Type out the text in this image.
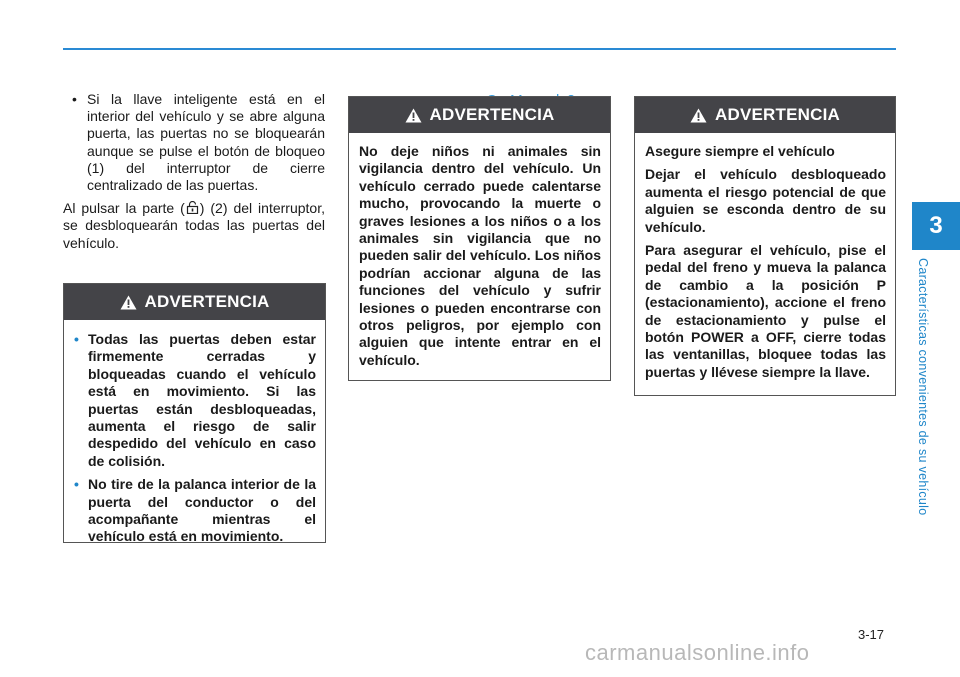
3
Características convenientes de su vehículo

• Si la llave inteligente está en el interior del vehículo y se abre alguna puerta, las puertas no se bloquearán aunque se pulse el botón de bloqueo (1) del interruptor de cierre centralizado de las puertas.

Al pulsar la parte ( ) (2) del interruptor, se desbloquearán todas las puertas del vehículo.

ADVERTENCIA

• Todas las puertas deben estar firmemente cerradas y bloqueadas cuando el vehículo está en movimiento. Si las puertas están desbloqueadas, aumenta el riesgo de salir despedido del vehículo en caso de colisión.

• No tire de la palanca interior de la puerta del conductor o del acompañante mientras el vehículo está en movimiento.

ADVERTENCIA

No deje niños ni animales sin vigilancia dentro del vehículo. Un vehículo cerrado puede calentarse mucho, provocando la muerte o graves lesiones a los niños o a los animales sin vigilancia que no pueden salir del vehículo. Los niños podrían accionar alguna de las funciones del vehículo y sufrir lesiones o pueden encontrarse con otros peligros, por ejemplo con alguien que intente entrar en el vehículo.

ADVERTENCIA

Asegure siempre el vehículo

Dejar el vehículo desbloqueado aumenta el riesgo potencial de que alguien se esconda dentro de su vehículo.

Para asegurar el vehículo, pise el pedal del freno y mueva la palanca de cambio a la posición P (estacionamiento), accione el freno de estacionamiento y pulse el botón POWER a OFF, cierre todas las ventanillas, bloquee todas las puertas y llévese siempre la llave.

3-17
carmanualsonline.info
